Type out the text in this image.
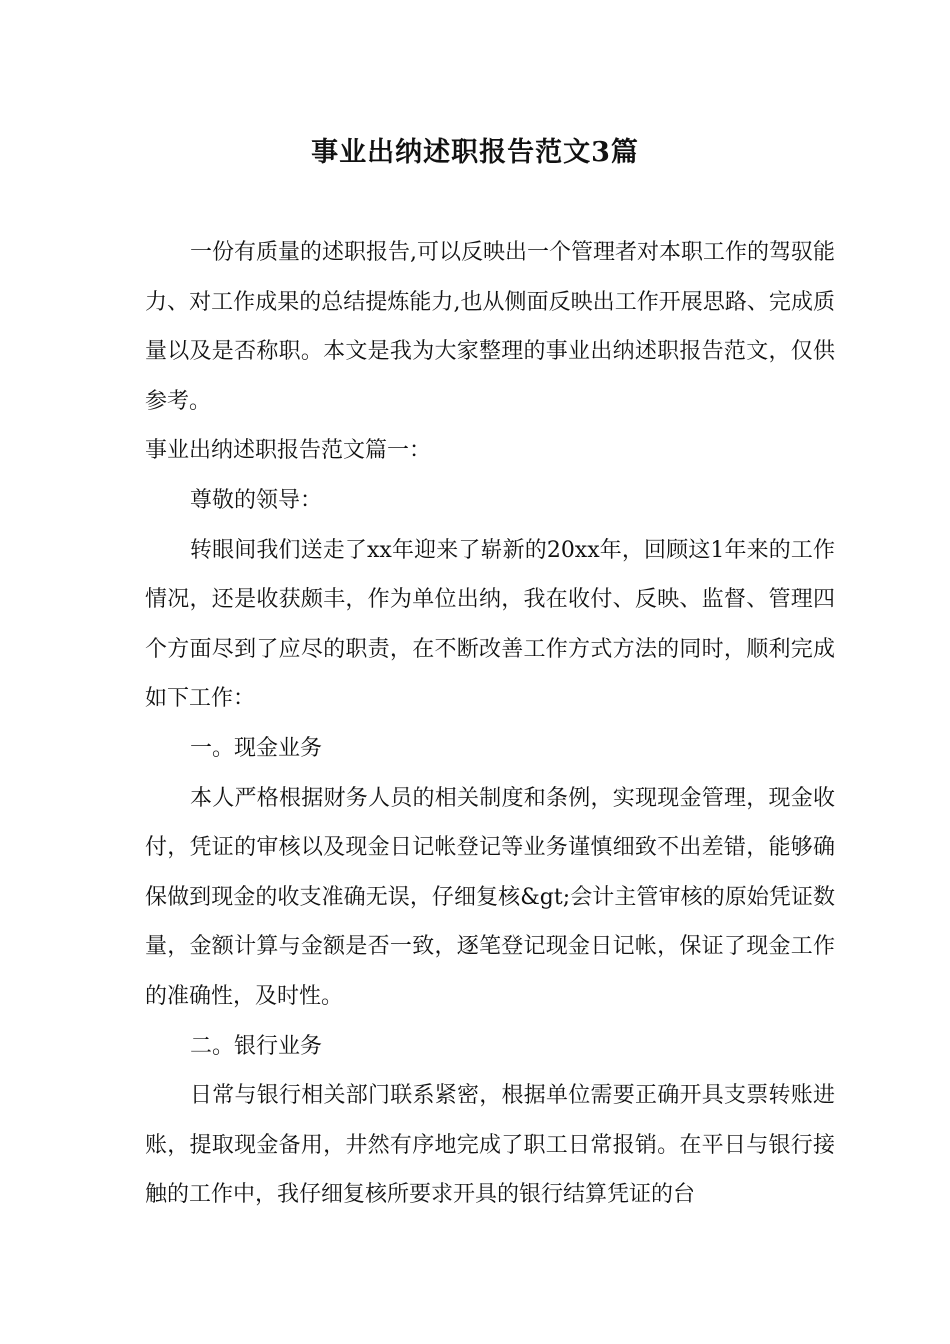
事业出纳述职报告范文3篇

一份有质量的述职报告,可以反映出一个管理者对本职工作的驾驭能力、对工作成果的总结提炼能力,也从侧面反映出工作开展思路、完成质量以及是否称职。本文是我为大家整理的事业出纳述职报告范文，仅供参考。

事业出纳述职报告范文篇一：

尊敬的领导：

转眼间我们送走了xx年迎来了崭新的20xx年，回顾这1年来的工作情况，还是收获颇丰，作为单位出纳，我在收付、反映、监督、管理四个方面尽到了应尽的职责，在不断改善工作方式方法的同时，顺利完成如下工作：

一。现金业务

本人严格根据财务人员的相关制度和条例，实现现金管理，现金收付，凭证的审核以及现金日记帐登记等业务谨慎细致不出差错，能够确保做到现金的收支准确无误，仔细复核&gt;会计主管审核的原始凭证数量，金额计算与金额是否一致，逐笔登记现金日记帐，保证了现金工作的准确性，及时性。

二。银行业务

日常与银行相关部门联系紧密，根据单位需要正确开具支票转账进账，提取现金备用，井然有序地完成了职工日常报销。在平日与银行接触的工作中，我仔细复核所要求开具的银行结算凭证的台
